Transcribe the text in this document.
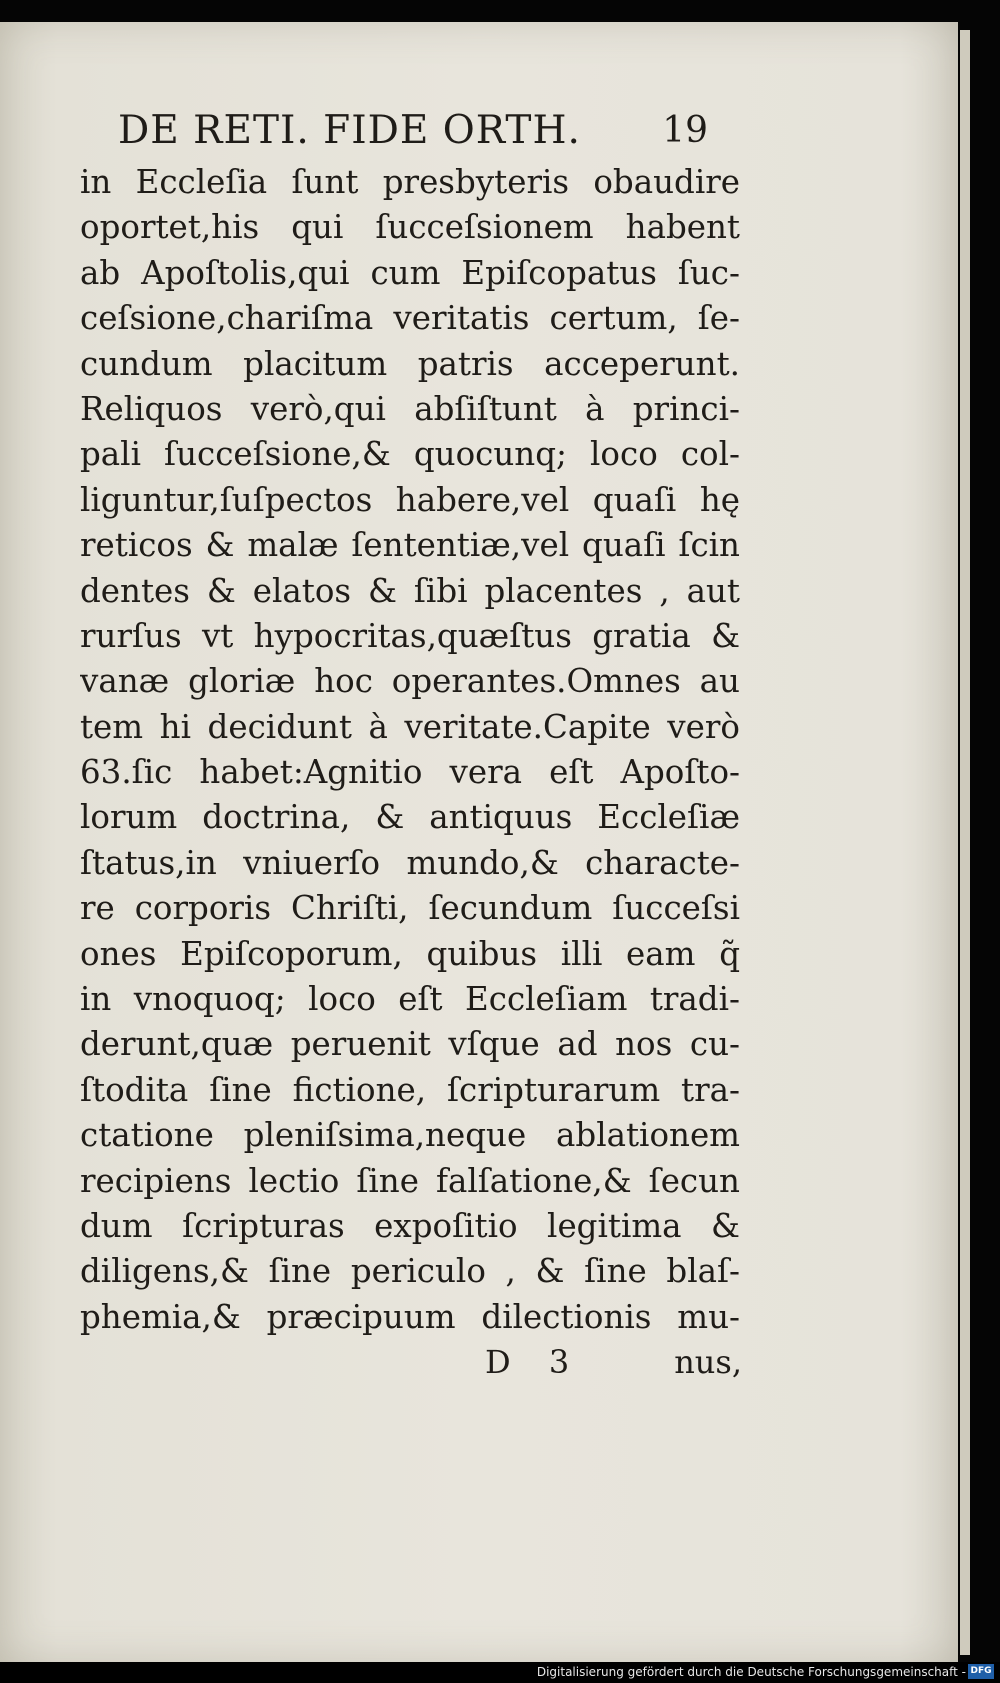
DE RETI. FIDE ORTH. 19
in Eccleſia ſunt presbyteris obaudire
oportet,his qui ſucceſsionem habent
ab Apoſtolis,qui cum Epiſcopatus ſuc-
ceſsione,chariſma veritatis certum, ſe-
cundum placitum patris acceperunt.
Reliquos verò,qui abſiſtunt à princi-
pali ſucceſsione,& quocunq; loco col-
liguntur,ſuſpectos habere,vel quaſi hę
reticos & malæ ſententiæ,vel quaſi ſcin
dentes & elatos & ſibi placentes , aut
rurſus vt hypocritas,quæſtus gratia &
vanæ gloriæ hoc operantes.Omnes au
tem hi decidunt à veritate.Capite verò
63.ſic habet:Agnitio vera eſt Apoſto-
lorum doctrina, & antiquus Eccleſiæ
ſtatus,in vniuerſo mundo,& characte-
re corporis Chriſti, ſecundum ſucceſsi
ones Epiſcoporum, quibus illi eam q̃
in vnoquoq; loco eſt Eccleſiam tradi-
derunt,quæ peruenit vſque ad nos cu-
ſtodita ſine fictione, ſcripturarum tra-
ctatione pleniſsima,neque ablationem
recipiens lectio ſine falſatione,& ſecun
dum ſcripturas expoſitio legitima &
diligens,& ſine periculo , & ſine blaſ-
phemia,& præcipuum dilectionis mu-
D 3	nus,
Digitalisierung gefördert durch die Deutsche Forschungsgemeinschaft - DFG
